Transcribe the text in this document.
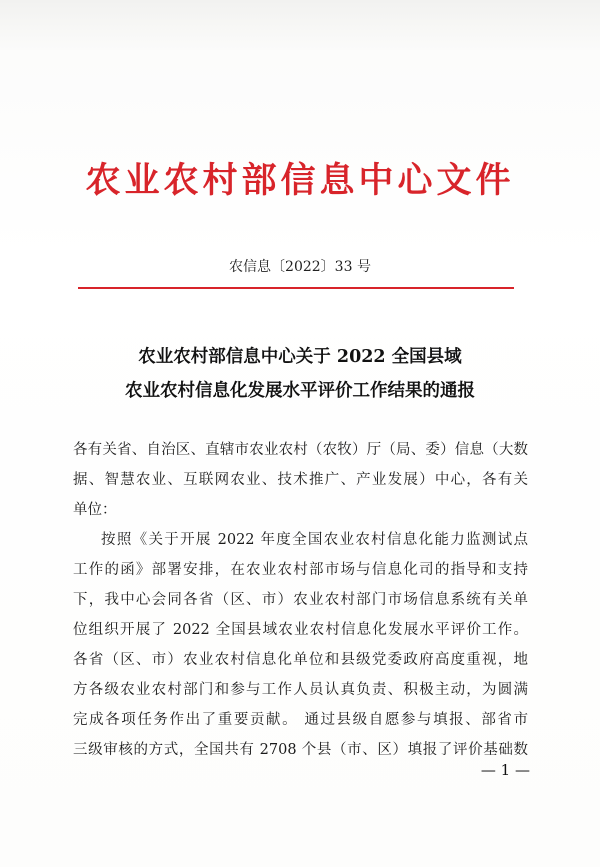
农业农村部信息中心文件
农信息〔2022〕33 号
农业农村部信息中心关于 2022 全国县域
农业农村信息化发展水平评价工作结果的通报
各有关省、自治区、直辖市农业农村（农牧）厅（局、委）信息（大数
据、智慧农业、互联网农业、技术推广、产业发展）中心，各有关
单位：
按照《关于开展 2022 年度全国农业农村信息化能力监测试点
工作的函》部署安排，在农业农村部市场与信息化司的指导和支持
下，我中心会同各省（区、市）农业农村部门市场信息系统有关单
位组织开展了 2022 全国县域农业农村信息化发展水平评价工作。
各省（区、市）农业农村信息化单位和县级党委政府高度重视，地
方各级农业农村部门和参与工作人员认真负责、积极主动，为圆满
完成各项任务作出了重要贡献。 通过县级自愿参与填报、部省市
三级审核的方式，全国共有 2708 个县（市、区）填报了评价基础数
— 1 —
